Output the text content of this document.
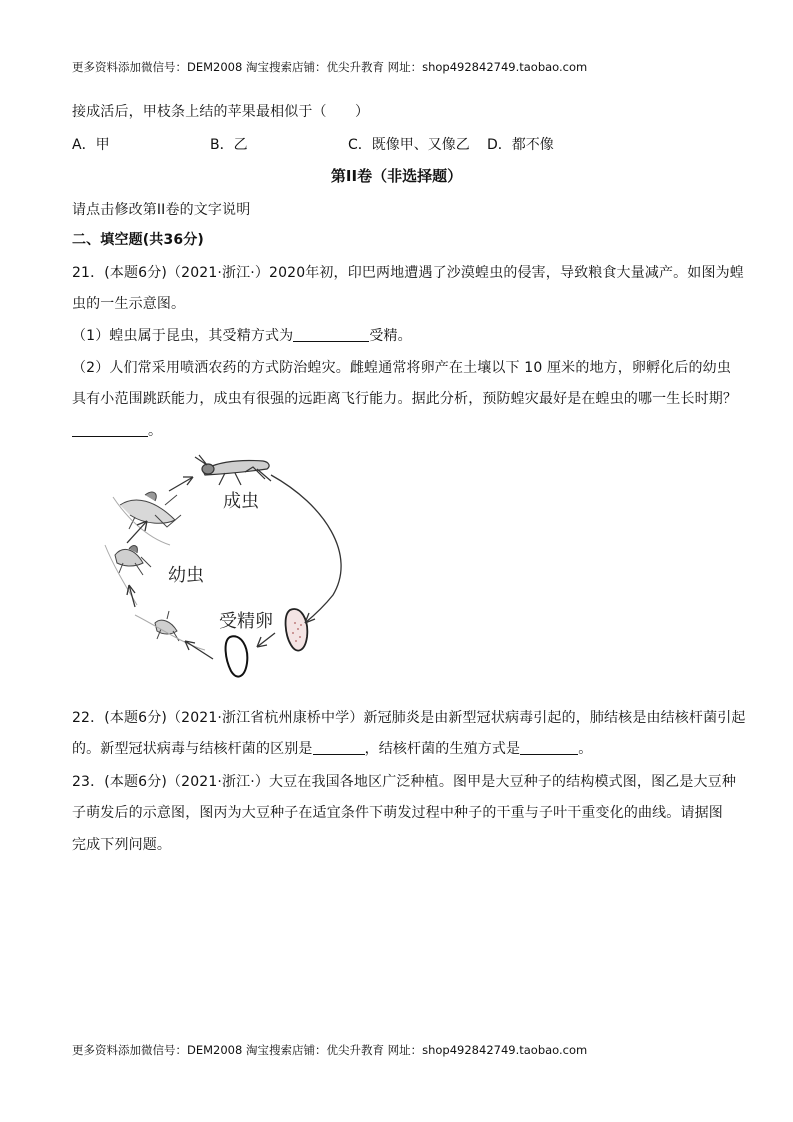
更多资料添加微信号：DEM2008 淘宝搜索店铺：优尖升教育 网址：shop492842749.taobao.com
接成活后，甲枝条上结的苹果最相似于（　　）
A．甲	B．乙	C．既像甲、又像乙 D．都不像
第II卷（非选择题）
请点击修改第II卷的文字说明
二、填空题(共36分)
21．(本题6分)（2021·浙江·）2020年初，印巴两地遭遇了沙漠蝗虫的侵害，导致粮食大量减产。如图为蝗
虫的一生示意图。
（1）蝗虫属于昆虫，其受精方式为	受精。
（2）人们常采用喷洒农药的方式防治蝗灾。雌蝗通常将卵产在土壤以下 10 厘米的地方，卵孵化后的幼虫
具有小范围跳跃能力，成虫有很强的远距离飞行能力。据此分析，预防蝗灾最好是在蝗虫的哪一生长时期？
。
成虫
幼虫
受精卵
22．(本题6分)（2021·浙江省杭州康桥中学）新冠肺炎是由新型冠状病毒引起的，肺结核是由结核杆菌引起
的。新型冠状病毒与结核杆菌的区别是	，结核杆菌的生殖方式是	。
23．(本题6分)（2021·浙江·）大豆在我国各地区广泛种植。图甲是大豆种子的结构模式图，图乙是大豆种
子萌发后的示意图，图丙为大豆种子在适宜条件下萌发过程中种子的干重与子叶干重变化的曲线。请据图
完成下列问题。
更多资料添加微信号：DEM2008 淘宝搜索店铺：优尖升教育 网址：shop492842749.taobao.com
